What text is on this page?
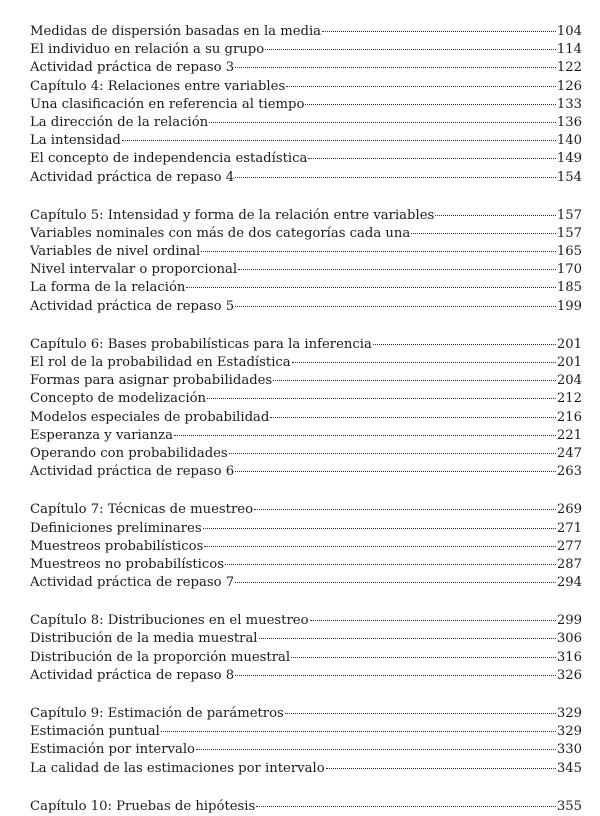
Medidas de dispersión basadas en la media	104
El individuo en relación a su grupo	114
Actividad práctica de repaso 3	122
Capítulo 4: Relaciones entre variables	126
Una clasificación en referencia al tiempo	133
La dirección de la relación	136
La intensidad	140
El concepto de independencia estadística	149
Actividad práctica de repaso 4	154
Capítulo 5: Intensidad y forma de la relación entre variables	157
Variables nominales con más de dos categorías cada una	157
Variables de nivel ordinal	165
Nivel intervalar o proporcional	170
La forma de la relación	185
Actividad práctica de repaso 5	199
Capítulo 6: Bases probabilísticas para la inferencia	201
El rol de la probabilidad en Estadística	201
Formas para asignar probabilidades	204
Concepto de modelización	212
Modelos especiales de probabilidad	216
Esperanza y varianza	221
Operando con probabilidades	247
Actividad práctica de repaso 6	263
Capítulo 7: Técnicas de muestreo	269
Definiciones preliminares	271
Muestreos probabilísticos	277
Muestreos no probabilísticos	287
Actividad práctica de repaso 7	294
Capítulo 8: Distribuciones en el muestreo	299
Distribución de la media muestral	306
Distribución de la proporción muestral	316
Actividad práctica de repaso 8	326
Capítulo 9: Estimación de parámetros	329
Estimación puntual	329
Estimación por intervalo	330
La calidad de las estimaciones por intervalo	345
Capítulo 10: Pruebas de hipótesis	355
